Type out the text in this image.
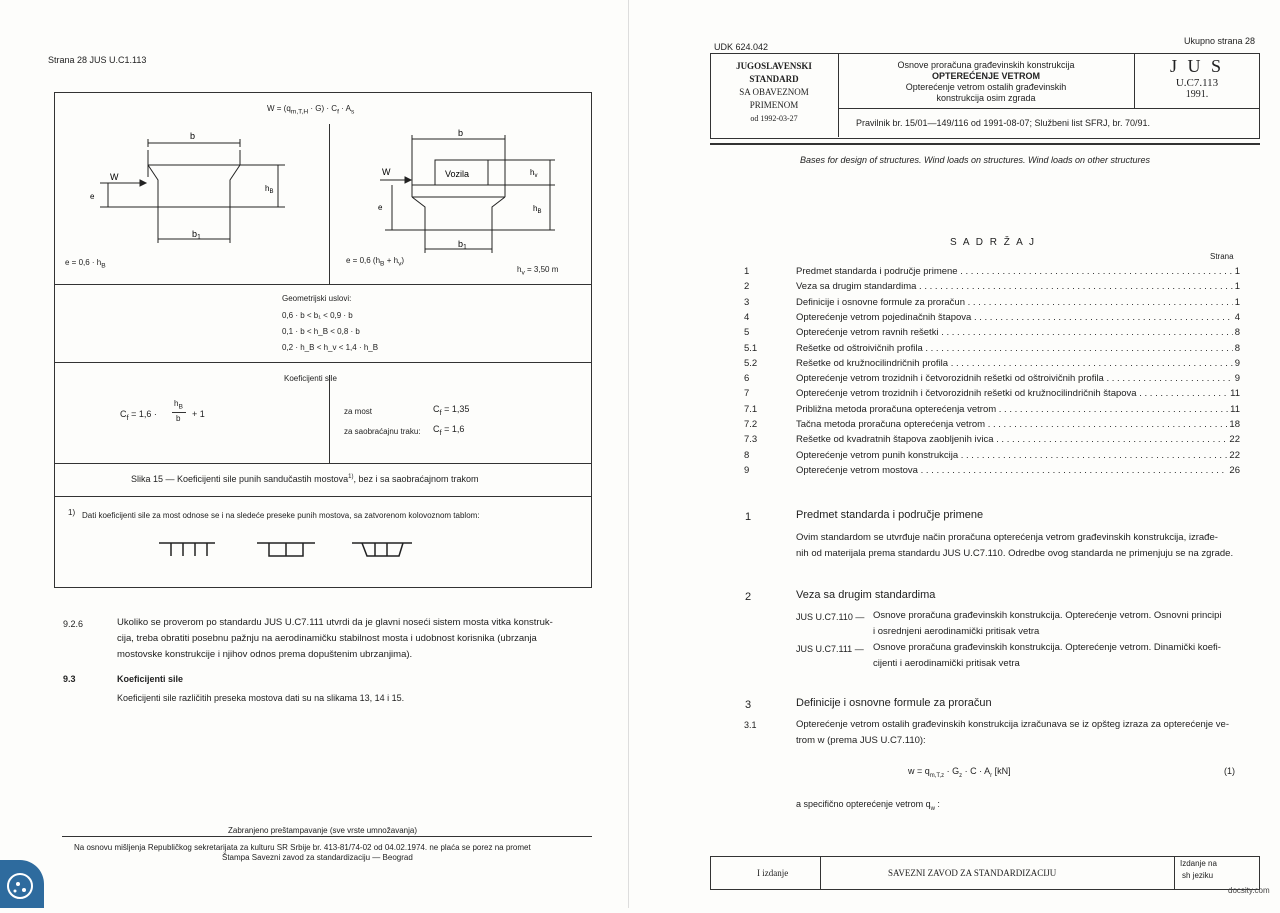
Strana 28 JUS U.C1.113
$W = (q_{m,T,H} \cdot G) \cdot C_f \cdot A_s$
b
W
e
$b_1$
$h_B$
$e = 0,6 \cdot h_B$
b
Vozila
W
e
$h_v$
$h_B$
$b_1$
e = 0,6 $(h_B + h_v)$
$h_v = 3,50$ m
Geometrijski uslovi:
0,6 · b < b₁ < 0,9 · b
0,1 · b < h_B < 0,8 · b
0,2 · h_B < h_v < 1,4 · h_B
Koeficijenti sile
$C_f = 1,6$ ·
$h_B$
b + 1	za most	$C_f = 1,35$
za saobraćajnu traku: $C_f = 1,6$
Slika 15 — Koeficijenti sile punih sandučastih mostova$^{1)}$, bez i sa saobraćajnom trakom
1) Dati koeficijenti sile za most odnose se i na sledeće preseke punih mostova, sa zatvorenom kolovoznom tablom:
9.2.6	Ukoliko se proverom po standardu JUS U.C7.111 utvrdi da je glavni noseći sistem mosta vitka konstruk-
cija, treba obratiti posebnu pažnju na aerodinamičku stabilnost mosta i udobnost korisnika (ubrzanja
mostovske konstrukcije i njihov odnos prema dopuštenim ubrzanjima).
9.3	Koeficijenti sile
Koeficijenti sile različitih preseka mostova dati su na slikama 13, 14 i 15.
Zabranjeno preštampavanje (sve vrste umnožavanja)
Na osnovu mišljenja Republičkog sekretarijata za kulturu SR Srbije br. 413-81/74-02 od 04.02.1974. ne plaća se porez na promet
Štampa Savezni zavod za standardizaciju — Beograd
UDK 624.042
Ukupno strana 28
JUGOSLAVENSKI
STANDARD
SA OBAVEZNOM
PRIMENOM
od 1992-03-27
Osnove proračuna građevinskih konstrukcija
OPTEREĆENJE VETROM
Opterećenje vetrom ostalih građevinskih
konstrukcija osim zgrada
J U S
U.C7.113
1991.
Pravilnik br. 15/01—149/116 od 1991-08-07; Službeni list SFRJ, br. 70/91.
Bases for design of structures. Wind loads on structures. Wind loads on other structures
S A D R Ž A J
Strana
1	Predmet standarda i područje primene . . .	1
2	Veza sa drugim standardima . . .	1
3	Definicije i osnovne formule za proračun . . .	1
4	Opterećenje vetrom pojedinačnih štapova . . .	4
5	Opterećenje vetrom ravnih rešetki . . .	8
5.1	Rešetke od oštroivičnih profila . . .	8
5.2	Rešetke od kružnocilindričnih profila . . .	9
6	Opterećenje vetrom trozidnih i četvorozidnih rešetki od oštroivičnih profila . . .	9
7	Opterećenje vetrom trozidnih i četvorozidnih rešetki od kružnocilindričnih štapova . . .	11
7.1	Približna metoda proračuna opterećenja vetrom . . .	11
7.2	Tačna metoda proračuna opterećenja vetrom . . .	18
7.3	Rešetke od kvadratnih štapova zaobljenih ivica . . .	22
8	Opterećenje vetrom punih konstrukcija . . .	22
9	Opterećenje vetrom mostova . . .	26
1	Predmet standarda i područje primene
Ovim standardom se utvrđuje način proračuna opterećenja vetrom građevinskih konstrukcija, izrađe-
nih od materijala prema standardu JUS U.C7.110. Odredbe ovog standarda ne primenjuju se na zgrade.
2	Veza sa drugim standardima
JUS U.C7.110 — Osnove proračuna građevinskih konstrukcija. Opterećenje vetrom. Osnovni principi
i osrednjeni aerodinamički pritisak vetra
JUS U.C7.111 — Osnove proračuna građevinskih konstrukcija. Opterećenje vetrom. Dinamički koefi-
cijenti i aerodinamički pritisak vetra
3	Definicije i osnovne formule za proračun
3.1	Opterećenje vetrom ostalih građevinskih konstrukcija izračunava se iz opšteg izraza za opterećenje ve-
trom w (prema JUS U.C7.110):
$w = q_{m,T,z} \cdot G_z \cdot C \cdot A_r$ [kN]	(1)
a specifično opterećenje vetrom $q_w$ :
I izdanje	SAVEZNI ZAVOD ZA STANDARDIZACIJU
Izdanje na
sh jeziku
docsity.com
